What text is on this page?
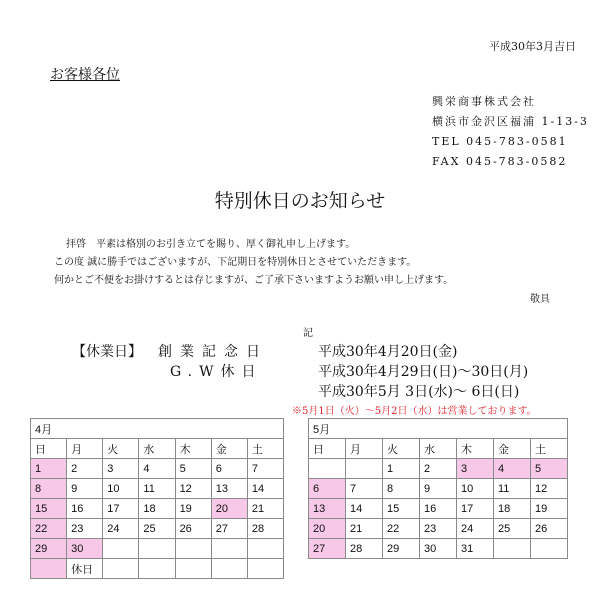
平成30年3月吉日
お客様各位
興栄商事株式会社
横浜市金沢区福浦 1-13-3
TEL 045-783-0581
FAX 045-783-0582
特別休日のお知らせ
拝啓　平素は格別のお引き立てを賜り、厚く御礼申し上げます。
この度 誠に勝手ではございますが、下記期日を特別休日とさせていただきます。
何かとご不便をお掛けするとは存じますが、ご了承下さいますようお願い申し上げます。
敬具
記
【休業日】 創業記念日	平成30年4月20日(金)
G.W休日	平成30年4月29日(日)～30日(月)
平成30年5月 3日(水)～ 6日(日)
※5月1日（火）～5月2日（水）は営業しております。
4月						
日	月	火	水	木	金	土
1	2	3	4	5	6	7
8	9	10	11	12	13	14
15	16	17	18	19	20	21
22	23	24	25	26	27	28
29	30					
	休日					
5月						
日	月	火	水	木	金	土
		1	2	3	4	5
6	7	8	9	10	11	12
13	14	15	16	17	18	19
20	21	22	23	24	25	26
27	28	29	30	31		
